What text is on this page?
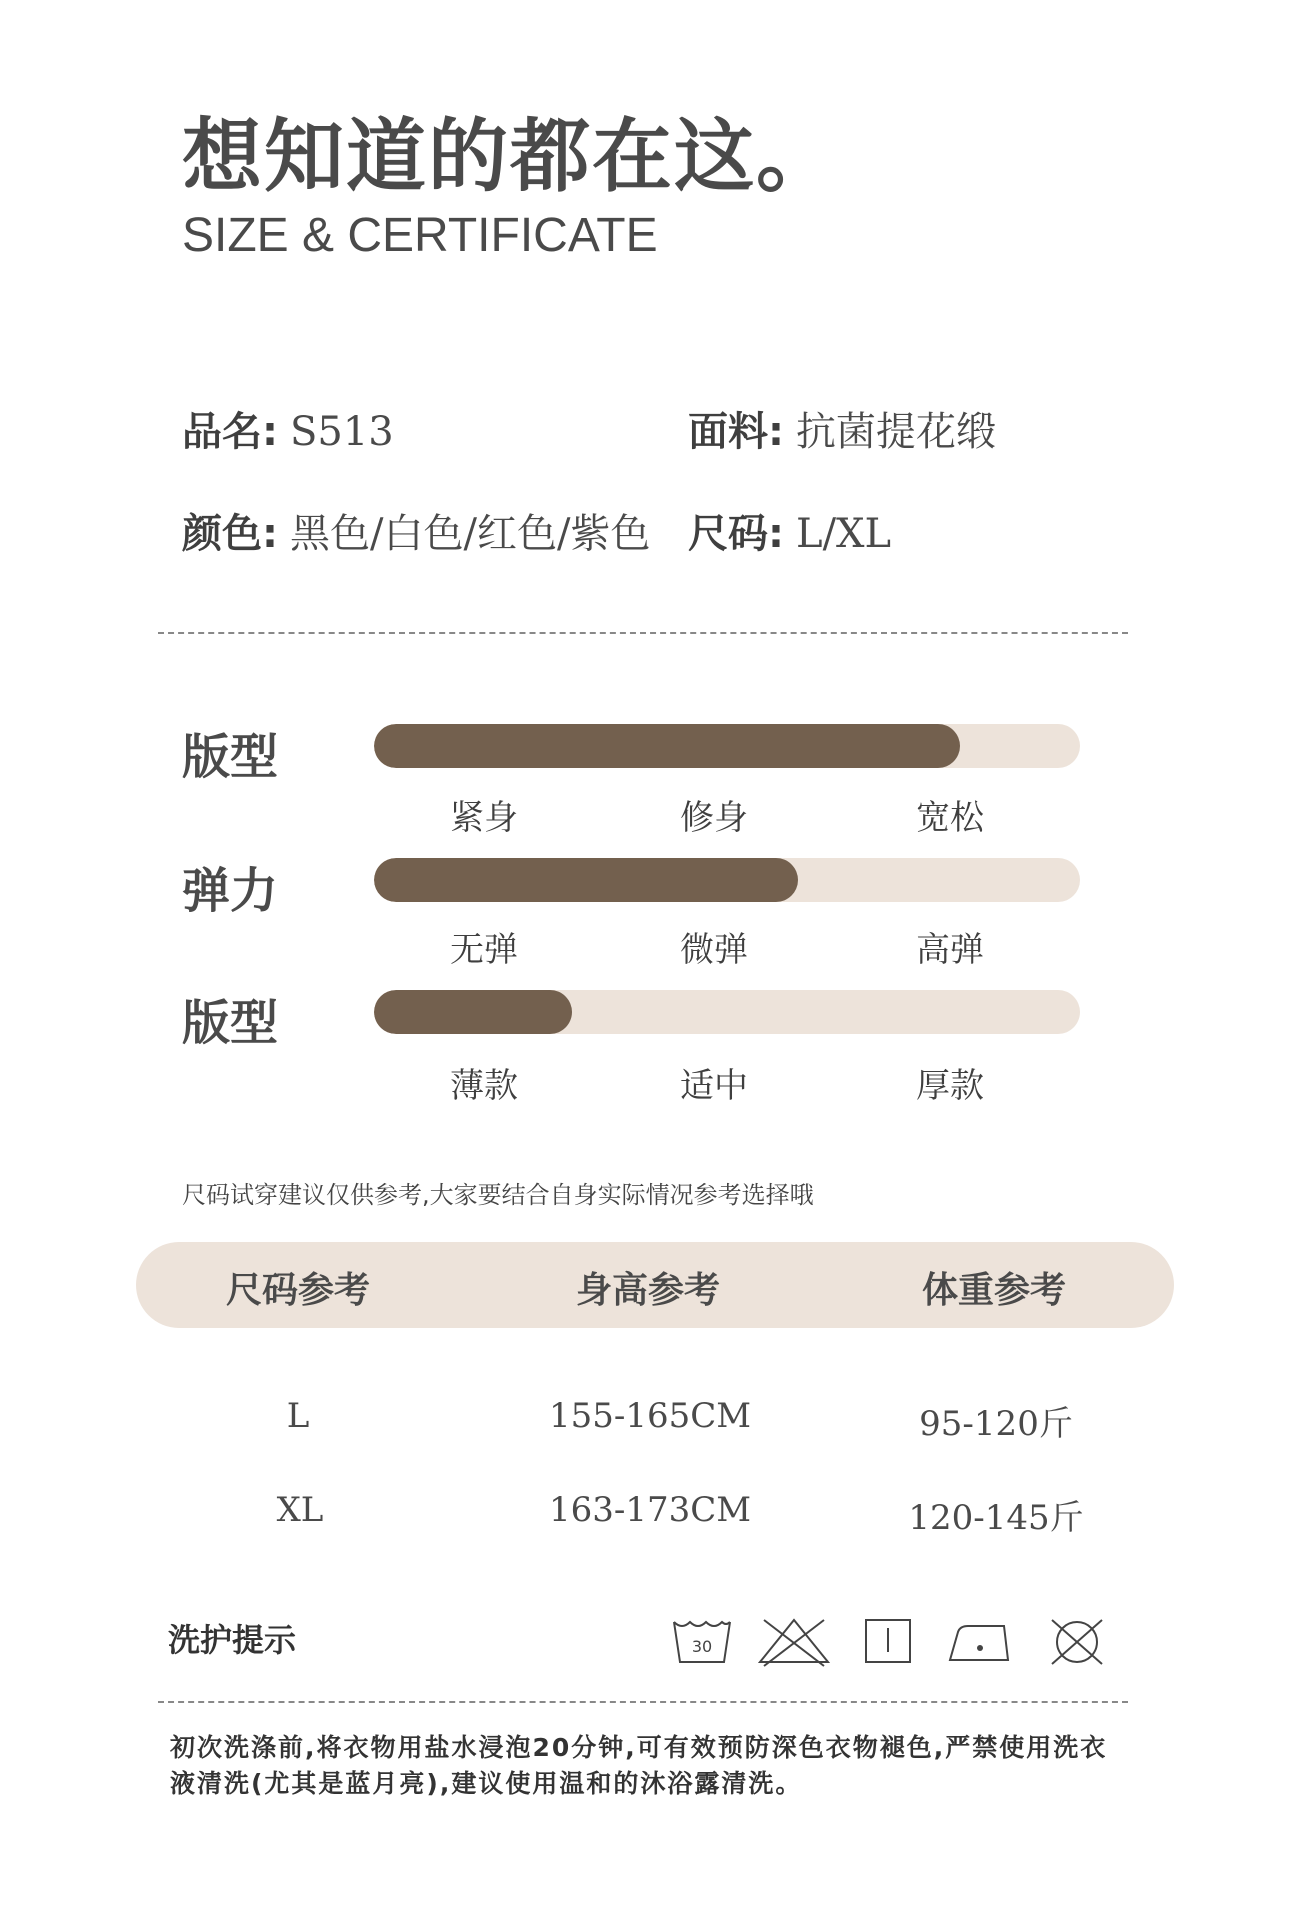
想知道的都在这。
SIZE & CERTIFICATE
品名: S513	面料: 抗菌提花缎
颜色: 黑色/白色/红色/紫色 尺码: L/XL
版型
紧身	修身	宽松
弹力
无弹	微弹	高弹
版型
薄款	适中	厚款
尺码试穿建议仅供参考,大家要结合自身实际情况参考选择哦
尺码参考	身高参考	体重参考
L	155-165CM	95-120斤
XL	163-173CM	120-145斤
洗护提示	30
初次洗涤前,将衣物用盐水浸泡20分钟,可有效预防深色衣物褪色,严禁使用洗衣液清洗(尤其是蓝月亮),建议使用温和的沐浴露清洗。
